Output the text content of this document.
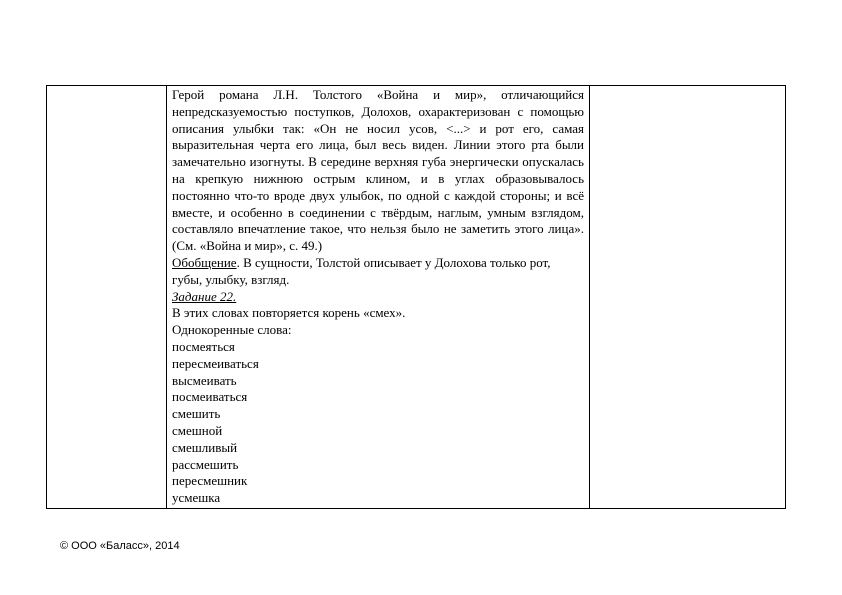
Герой романа Л.Н. Толстого «Война и мир», отличающийся непредсказуемостью поступков, Долохов, охарактеризован с помощью описания улыбки так: «Он не носил усов, <...> и рот его, самая выразительная черта его лица, был весь виден. Линии этого рта были замечательно изогнуты. В середине верхняя губа энергически опускалась на крепкую нижнюю острым клином, и в углах образовывалось постоянно что-то вроде двух улыбок, по одной с каждой стороны; и всё вместе, и особенно в соединении с твёрдым, наглым, умным взглядом, составляло впечатление такое, что нельзя было не заметить этого лица». (См. «Война и мир», с. 49.)

Обобщение. В сущности, Толстой описывает у Долохова только рот,

губы, улыбку, взгляд.

Задание 22.

В этих словах повторяется корень «смех».

Однокоренные слова:

посмеяться

пересмеиваться

высмеивать

посмеиваться

смешить

смешной

смешливый

рассмешить

пересмешник

усмешка

© ООО «Баласс», 2014
